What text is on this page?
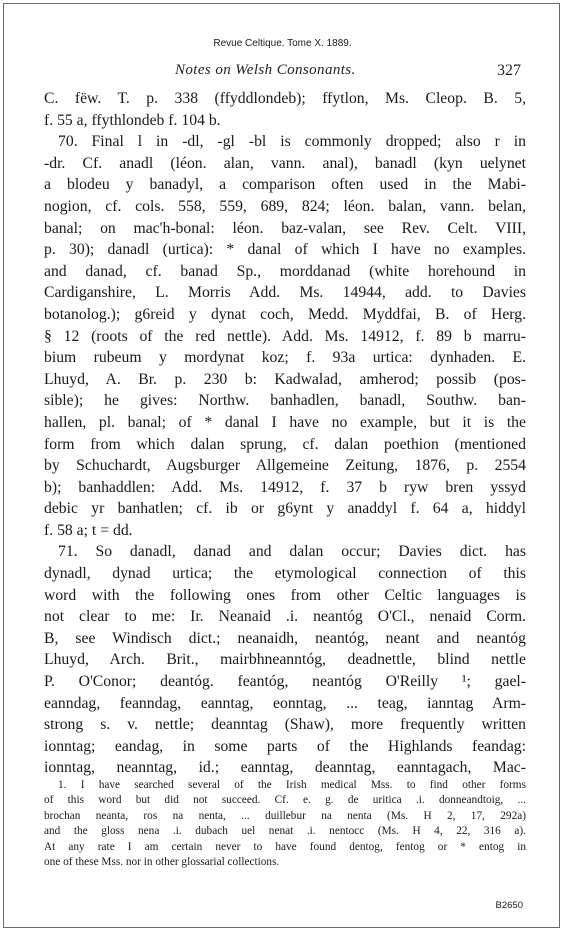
Revue Celtique. Tome X. 1889.
Notes on Welsh Consonants.	327
C. fëw. T. p. 338 (ffyddlondeb); ffytlon, Ms. Cleop. B. 5,
f. 55 a, ffythlondeb f. 104 b.
70. Final l in -dl, -gl -bl is commonly dropped; also r in
-dr. Cf. anadl (léon. alan, vann. anal), banadl (kyn uelynet
a blodeu y banadyl, a comparison often used in the Mabi-
nogion, cf. cols. 558, 559, 689, 824; léon. balan, vann. belan,
banal; on mac'h-bonal: léon. baz-valan, see Rev. Celt. VIII,
p. 30); danadl (urtica): * danal of which I have no examples.
and danad, cf. banad Sp., morddanad (white horehound in
Cardiganshire, L. Morris Add. Ms. 14944, add. to Davies
botanolog.); g6reid y dynat coch, Medd. Myddfai, B. of Herg.
§ 12 (roots of the red nettle). Add. Ms. 14912, f. 89 b marru-
bium rubeum y mordynat koz; f. 93a urtica: dynhaden. E.
Lhuyd, A. Br. p. 230 b: Kadwalad, amherod; possib (pos-
sible); he gives: Northw. banhadlen, banadl, Southw. ban-
hallen, pl. banal; of * danal I have no example, but it is the
form from which dalan sprung, cf. dalan poethion (mentioned
by Schuchardt, Augsburger Allgemeine Zeitung, 1876, p. 2554
b); banhaddlen: Add. Ms. 14912, f. 37 b ryw bren yssyd
debic yr banhatlen; cf. ib or g6ynt y anaddyl f. 64 a, hiddyl
f. 58 a; t = dd.
71. So danadl, danad and dalan occur; Davies dict. has
dynadl, dynad urtica; the etymological connection of this
word with the following ones from other Celtic languages is
not clear to me: Ir. Neanaid .i. neantóg O'Cl., nenaid Corm.
B, see Windisch dict.; neanaidh, neantóg, neant and neantóg
Lhuyd, Arch. Brit., mairbhneanntóg, deadnettle, blind nettle
P. O'Conor; deantóg. feantóg, neantóg O'Reilly ¹; gael-
eanndag, feanndag, eanntag, eonntag, ... teag, ianntag Arm-
strong s. v. nettle; deanntag (Shaw), more frequently written
ionntag; eandag, in some parts of the Highlands feandag:
ionntag, neanntag, id.; eanntag, deanntag, eanntagach, Mac-
1. I have searched several of the Irish medical Mss. to find other forms
of this word but did not succeed. Cf. e. g. de uritica .i. donneandtoig, ...
brochan neanta, ros na nenta, ... duillebur na nenta (Ms. H 2, 17, 292a)
and the gloss nena .i. dubach uel nenat .i. nentocc (Ms. H 4, 22, 316 a).
At any rate I am certain never to have found dentog, fentog or * entog in
one of these Mss. nor in other glossarial collections.
B2650
